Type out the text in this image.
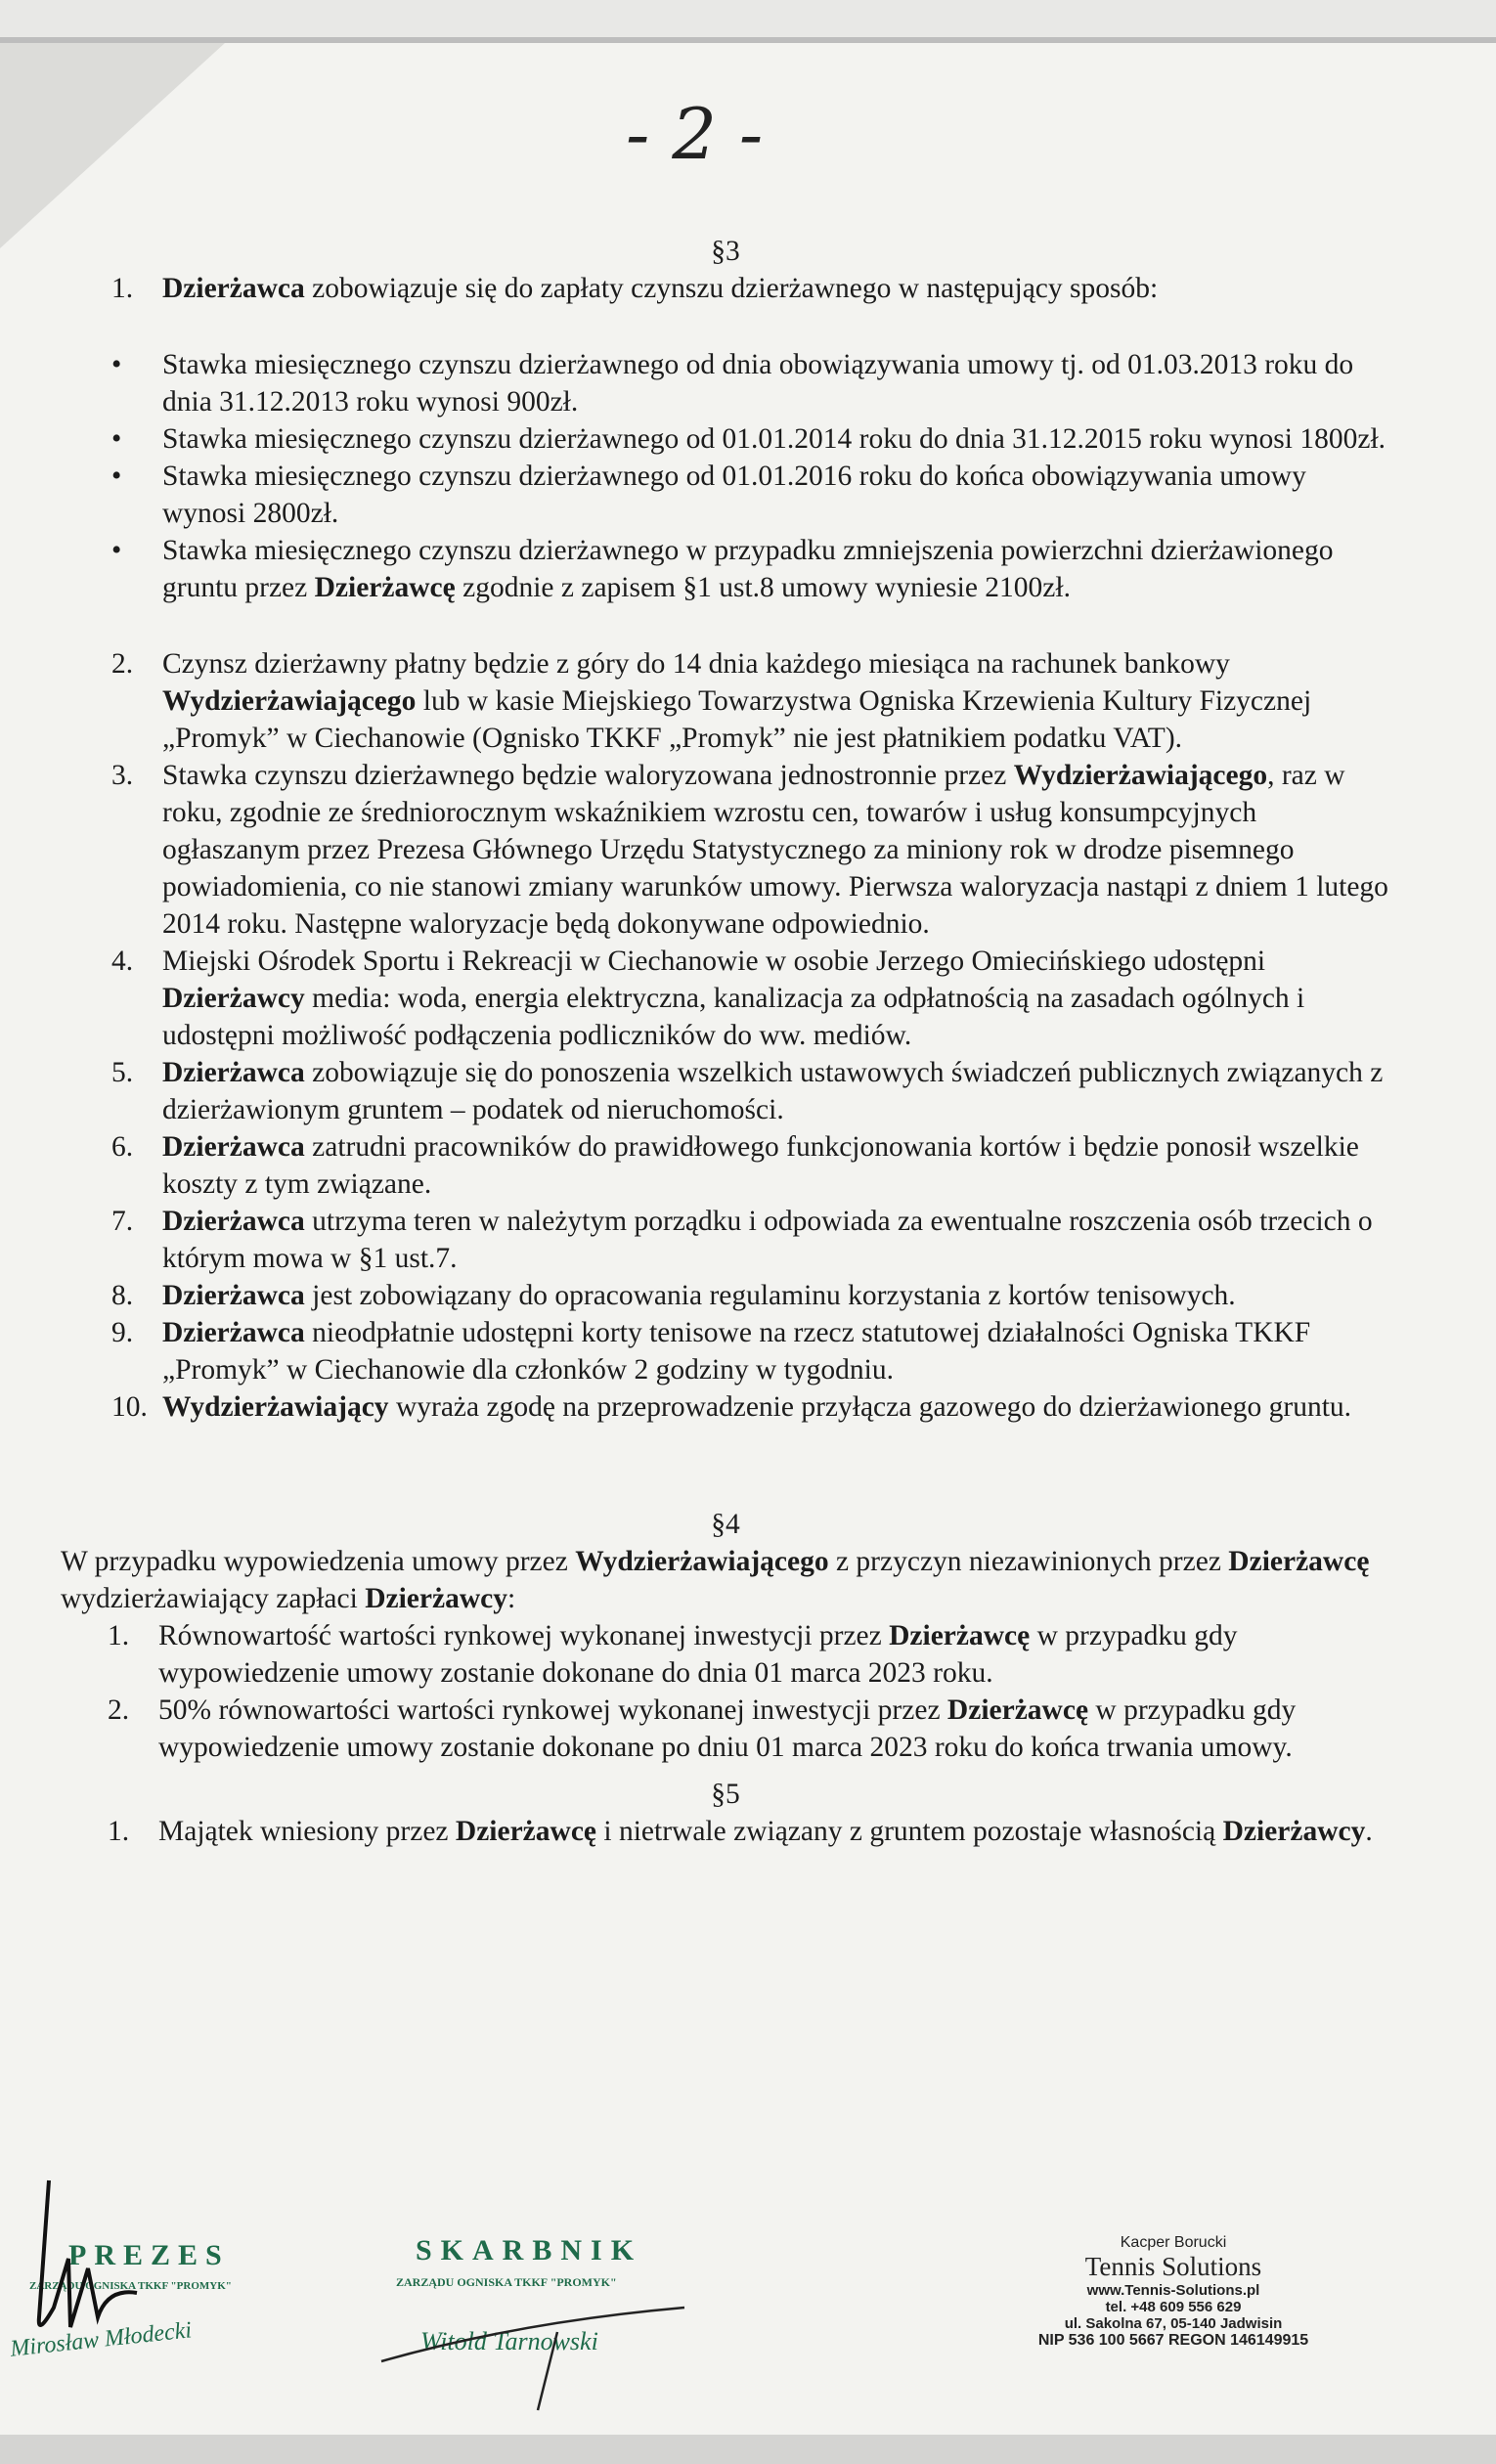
- 2 -
§3
1. Dzierżawca zobowiązuje się do zapłaty czynszu dzierżawnego w następujący sposób:
• Stawka miesięcznego czynszu dzierżawnego od dnia obowiązywania umowy tj. od 01.03.2013 roku do dnia 31.12.2013 roku wynosi 900zł.
• Stawka miesięcznego czynszu dzierżawnego od 01.01.2014 roku do dnia 31.12.2015 roku wynosi 1800zł.
• Stawka miesięcznego czynszu dzierżawnego od 01.01.2016 roku do końca obowiązywania umowy wynosi 2800zł.
• Stawka miesięcznego czynszu dzierżawnego w przypadku zmniejszenia powierzchni dzierżawionego gruntu przez Dzierżawcę zgodnie z zapisem §1 ust.8 umowy wyniesie 2100zł.
2. Czynsz dzierżawny płatny będzie z góry do 14 dnia każdego miesiąca na rachunek bankowy Wydzierżawiającego lub w kasie Miejskiego Towarzystwa Ogniska Krzewienia Kultury Fizycznej „Promyk” w Ciechanowie (Ognisko TKKF „Promyk” nie jest płatnikiem podatku VAT).
3. Stawka czynszu dzierżawnego będzie waloryzowana jednostronnie przez Wydzierżawiającego, raz w roku, zgodnie ze średniorocznym wskaźnikiem wzrostu cen, towarów i usług konsumpcyjnych ogłaszanym przez Prezesa Głównego Urzędu Statystycznego za miniony rok w drodze pisemnego powiadomienia, co nie stanowi zmiany warunków umowy. Pierwsza waloryzacja nastąpi z dniem 1 lutego 2014 roku. Następne waloryzacje będą dokonywane odpowiednio.
4. Miejski Ośrodek Sportu i Rekreacji w Ciechanowie w osobie Jerzego Omiecińskiego udostępni Dzierżawcy media: woda, energia elektryczna, kanalizacja za odpłatnością na zasadach ogólnych i udostępni możliwość podłączenia podliczników do ww. mediów.
5. Dzierżawca zobowiązuje się do ponoszenia wszelkich ustawowych świadczeń publicznych związanych z dzierżawionym gruntem – podatek od nieruchomości.
6. Dzierżawca zatrudni pracowników do prawidłowego funkcjonowania kortów i będzie ponosił wszelkie koszty z tym związane.
7. Dzierżawca utrzyma teren w należytym porządku i odpowiada za ewentualne roszczenia osób trzecich o którym mowa w §1 ust.7.
8. Dzierżawca jest zobowiązany do opracowania regulaminu korzystania z kortów tenisowych.
9. Dzierżawca nieodpłatnie udostępni korty tenisowe na rzecz statutowej działalności Ogniska TKKF „Promyk” w Ciechanowie dla członków 2 godziny w tygodniu.
10. Wydzierżawiający wyraża zgodę na przeprowadzenie przyłącza gazowego do dzierżawionego gruntu.
§4
W przypadku wypowiedzenia umowy przez Wydzierżawiającego z przyczyn niezawinionych przez Dzierżawcę wydzierżawiający zapłaci Dzierżawcy:
1. Równowartość wartości rynkowej wykonanej inwestycji przez Dzierżawcę w przypadku gdy wypowiedzenie umowy zostanie dokonane do dnia 01 marca 2023 roku.
2. 50% równowartości wartości rynkowej wykonanej inwestycji przez Dzierżawcę w przypadku gdy wypowiedzenie umowy zostanie dokonane po dniu 01 marca 2023 roku do końca trwania umowy.
§5
1. Majątek wniesiony przez Dzierżawcę i nietrwale związany z gruntem pozostaje własnością Dzierżawcy.
PREZES
ZARZĄDU OGNISKA TKKF "PROMYK"
Mirosław Młodecki
SKARBNIK
ZARZĄDU OGNISKA TKKF "PROMYK"
Witold Tarnowski
Kacper Borucki
Tennis Solutions
www.Tennis-Solutions.pl
tel. +48 609 556 629
ul. Sakolna 67, 05-140 Jadwisin
NIP 536 100 5667 REGON 146149915
